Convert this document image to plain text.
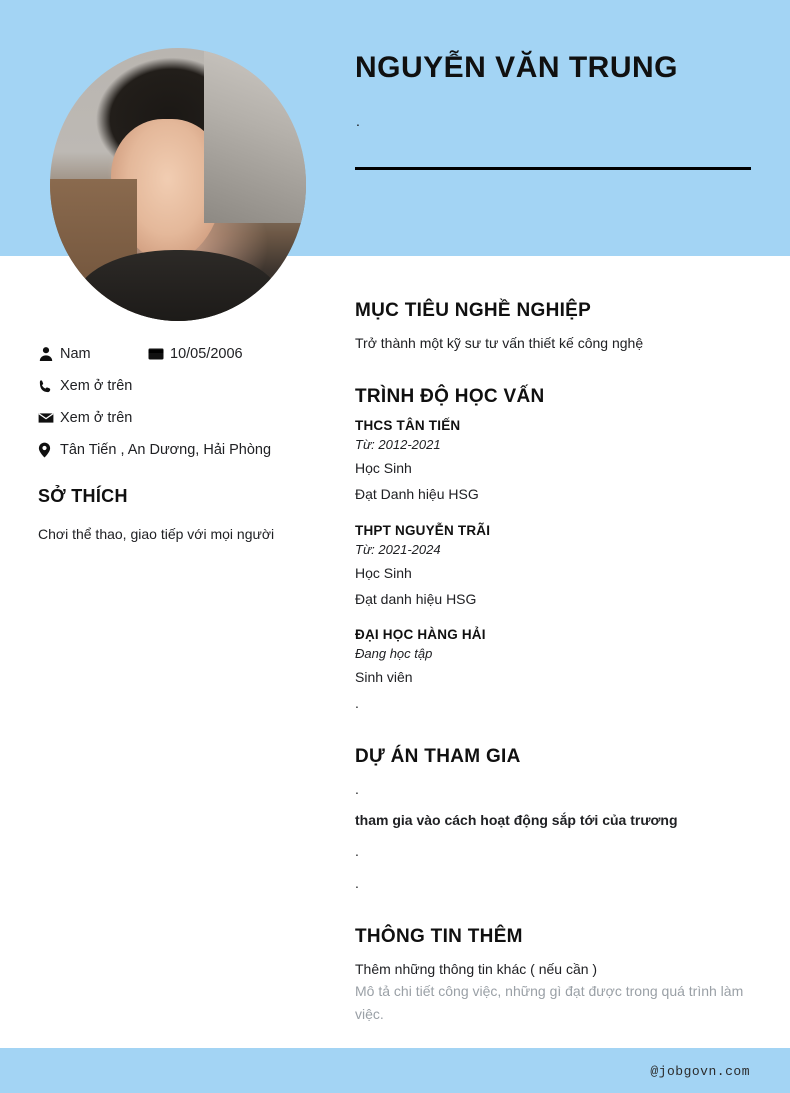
NGUYỄN VĂN TRUNG
.
Nam	10/05/2006
Xem ở trên
Xem ở trên
Tân Tiến , An Dương, Hải Phòng
SỞ THÍCH
Chơi thể thao, giao tiếp với mọi người
MỤC TIÊU NGHỀ NGHIỆP

Trở thành một kỹ sư tư vấn thiết kế công nghệ

TRÌNH ĐỘ HỌC VẤN

THCS TÂN TIẾN

Từ: 2012-2021

Học Sinh

Đạt Danh hiệu HSG

THPT NGUYỄN TRÃI

Từ: 2021-2024

Học Sinh

Đạt danh hiệu HSG

ĐẠI HỌC HÀNG HẢI

Đang học tập

Sinh viên

.

DỰ ÁN THAM GIA

.

tham gia vào cách hoạt động sắp tới của trương

.

.

THÔNG TIN THÊM

Thêm những thông tin khác ( nếu cần )

Mô tả chi tiết công việc, những gì đạt được trong quá trình làm việc.

@jobgovn.com
